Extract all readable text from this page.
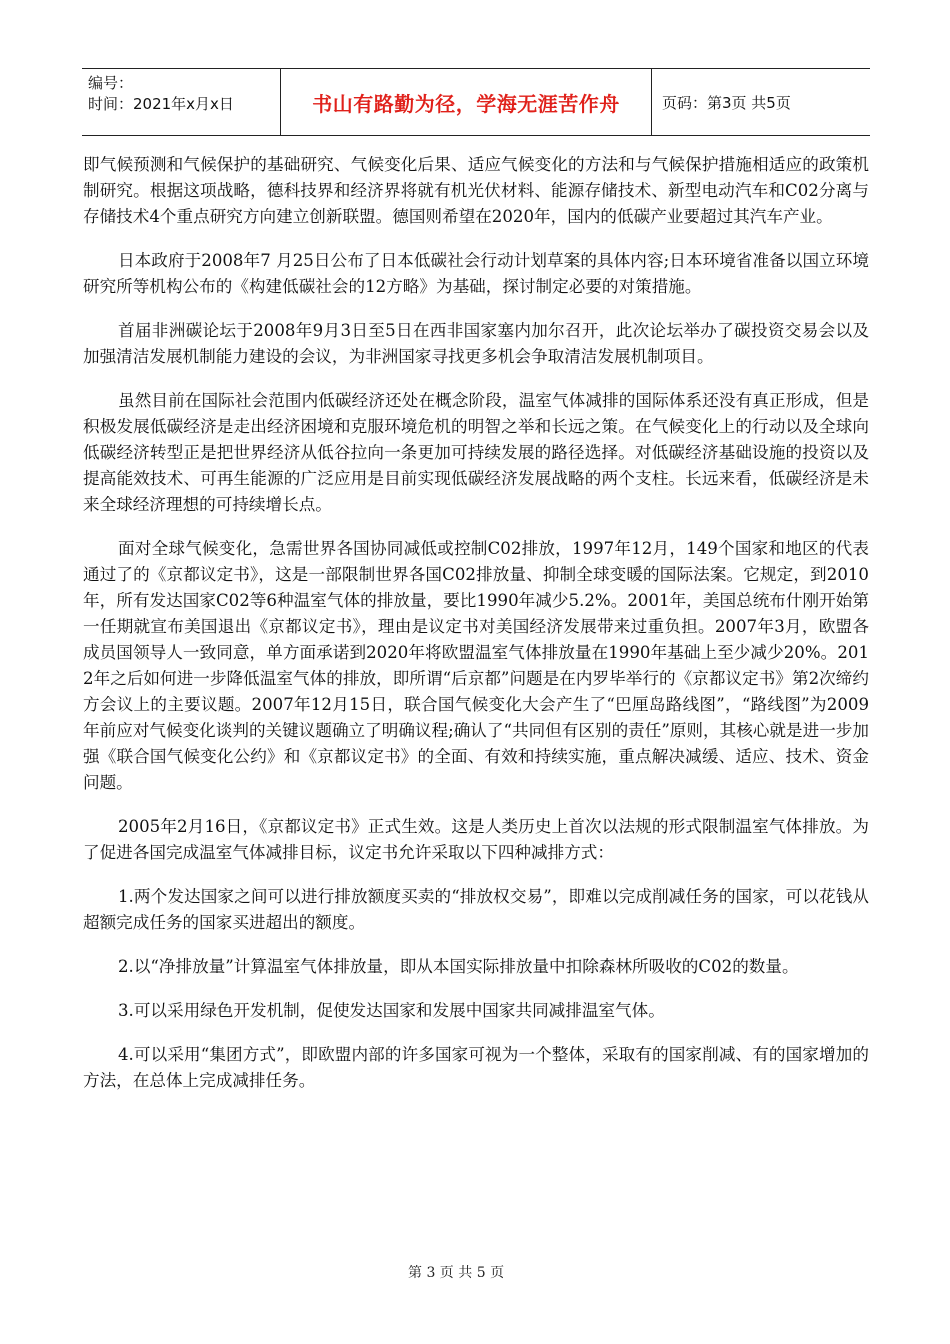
编号：
时间：2021年x月x日	书山有路勤为径，学海无涯苦作舟	页码：第3页 共5页

即气候预测和气候保护的基础研究、气候变化后果、适应气候变化的方法和与气候保护措施相适应的政策机制研究。根据这项战略，德科技界和经济界将就有机光伏材料、能源存储技术、新型电动汽车和C02分离与存储技术4个重点研究方向建立创新联盟。德国则希望在2020年，国内的低碳产业要超过其汽车产业。

日本政府于2008年7 月25日公布了日本低碳社会行动计划草案的具体内容;日本环境省准备以国立环境研究所等机构公布的《构建低碳社会的12方略》为基础，探讨制定必要的对策措施。

首届非洲碳论坛于2008年9月3日至5日在西非国家塞内加尔召开，此次论坛举办了碳投资交易会以及加强清洁发展机制能力建设的会议，为非洲国家寻找更多机会争取清洁发展机制项目。

虽然目前在国际社会范围内低碳经济还处在概念阶段，温室气体减排的国际体系还没有真正形成，但是积极发展低碳经济是走出经济困境和克服环境危机的明智之举和长远之策。在气候变化上的行动以及全球向低碳经济转型正是把世界经济从低谷拉向一条更加可持续发展的路径选择。对低碳经济基础设施的投资以及提高能效技术、可再生能源的广泛应用是目前实现低碳经济发展战略的两个支柱。长远来看，低碳经济是未来全球经济理想的可持续增长点。

面对全球气候变化，急需世界各国协同减低或控制C02排放，1997年12月，149个国家和地区的代表通过了的《京都议定书》，这是一部限制世界各国C02排放量、抑制全球变暖的国际法案。它规定，到2010年，所有发达国家C02等6种温室气体的排放量，要比1990年减少5.2%。2001年，美国总统布什刚开始第一任期就宣布美国退出《京都议定书》，理由是议定书对美国经济发展带来过重负担。2007年3月，欧盟各成员国领导人一致同意，单方面承诺到2020年将欧盟温室气体排放量在1990年基础上至少减少20%。2012年之后如何进一步降低温室气体的排放，即所谓“后京都”问题是在内罗毕举行的《京都议定书》第2次缔约方会议上的主要议题。2007年12月15日，联合国气候变化大会产生了“巴厘岛路线图”，“路线图”为2009年前应对气候变化谈判的关键议题确立了明确议程;确认了“共同但有区别的责任”原则，其核心就是进一步加强《联合国气候变化公约》和《京都议定书》的全面、有效和持续实施，重点解决减缓、适应、技术、资金问题。

2005年2月16日，《京都议定书》正式生效。这是人类历史上首次以法规的形式限制温室气体排放。为了促进各国完成温室气体减排目标，议定书允许采取以下四种减排方式：

1.两个发达国家之间可以进行排放额度买卖的“排放权交易”，即难以完成削减任务的国家，可以花钱从超额完成任务的国家买进超出的额度。

2.以“净排放量”计算温室气体排放量，即从本国实际排放量中扣除森林所吸收的C02的数量。

3.可以采用绿色开发机制，促使发达国家和发展中国家共同减排温室气体。

4.可以采用“集团方式”，即欧盟内部的许多国家可视为一个整体，采取有的国家削减、有的国家增加的方法，在总体上完成减排任务。

第 3 页 共 5 页
